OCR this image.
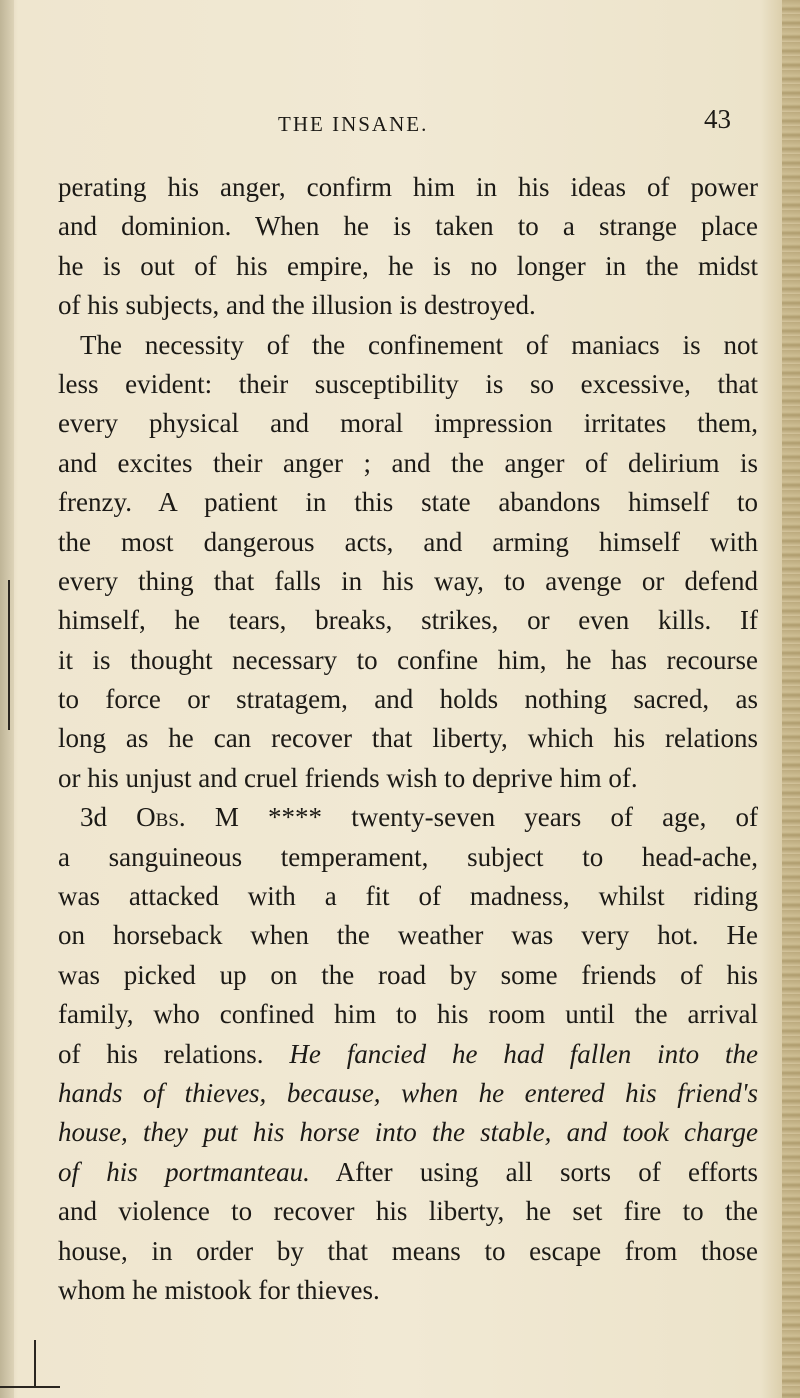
THE INSANE.	43
perating his anger, confirm him in his ideas of power
and dominion. When he is taken to a strange place
he is out of his empire, he is no longer in the midst
of his subjects, and the illusion is destroyed.
The necessity of the confinement of maniacs is not
less evident: their susceptibility is so excessive, that
every physical and moral impression irritates them,
and excites their anger ; and the anger of delirium is
frenzy. A patient in this state abandons himself to
the most dangerous acts, and arming himself with
every thing that falls in his way, to avenge or defend
himself, he tears, breaks, strikes, or even kills. If
it is thought necessary to confine him, he has recourse
to force or stratagem, and holds nothing sacred, as
long as he can recover that liberty, which his relations
or his unjust and cruel friends wish to deprive him of.
3d Obs. M **** twenty-seven years of age, of
a sanguineous temperament, subject to head-ache,
was attacked with a fit of madness, whilst riding
on horseback when the weather was very hot. He
was picked up on the road by some friends of his
family, who confined him to his room until the arrival
of his relations. He fancied he had fallen into the
hands of thieves, because, when he entered his friend's
house, they put his horse into the stable, and took charge
of his portmanteau. After using all sorts of efforts
and violence to recover his liberty, he set fire to the
house, in order by that means to escape from those
whom he mistook for thieves.
